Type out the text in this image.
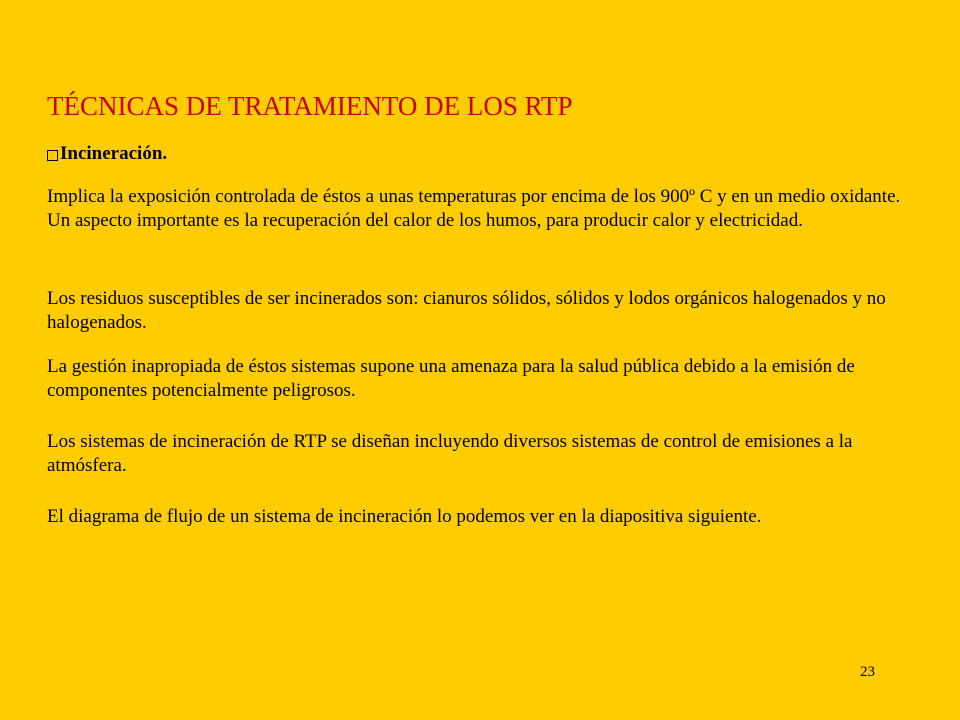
TÉCNICAS DE TRATAMIENTO DE LOS RTP
Incineración.

Implica la exposición controlada de éstos a unas temperaturas por encima de los 900º C y en un medio oxidante. Un aspecto importante es la recuperación del calor de los humos, para producir calor y electricidad.

Los residuos susceptibles de ser incinerados son: cianuros sólidos, sólidos y lodos orgánicos halogenados y no halogenados.

La gestión inapropiada de éstos sistemas supone una amenaza para la salud pública debido a la emisión de componentes potencialmente peligrosos.

Los sistemas de incineración de RTP se diseñan incluyendo diversos sistemas de control de emisiones a la atmósfera.

El diagrama de flujo de un sistema de incineración lo podemos ver en la diapositiva siguiente.

23
